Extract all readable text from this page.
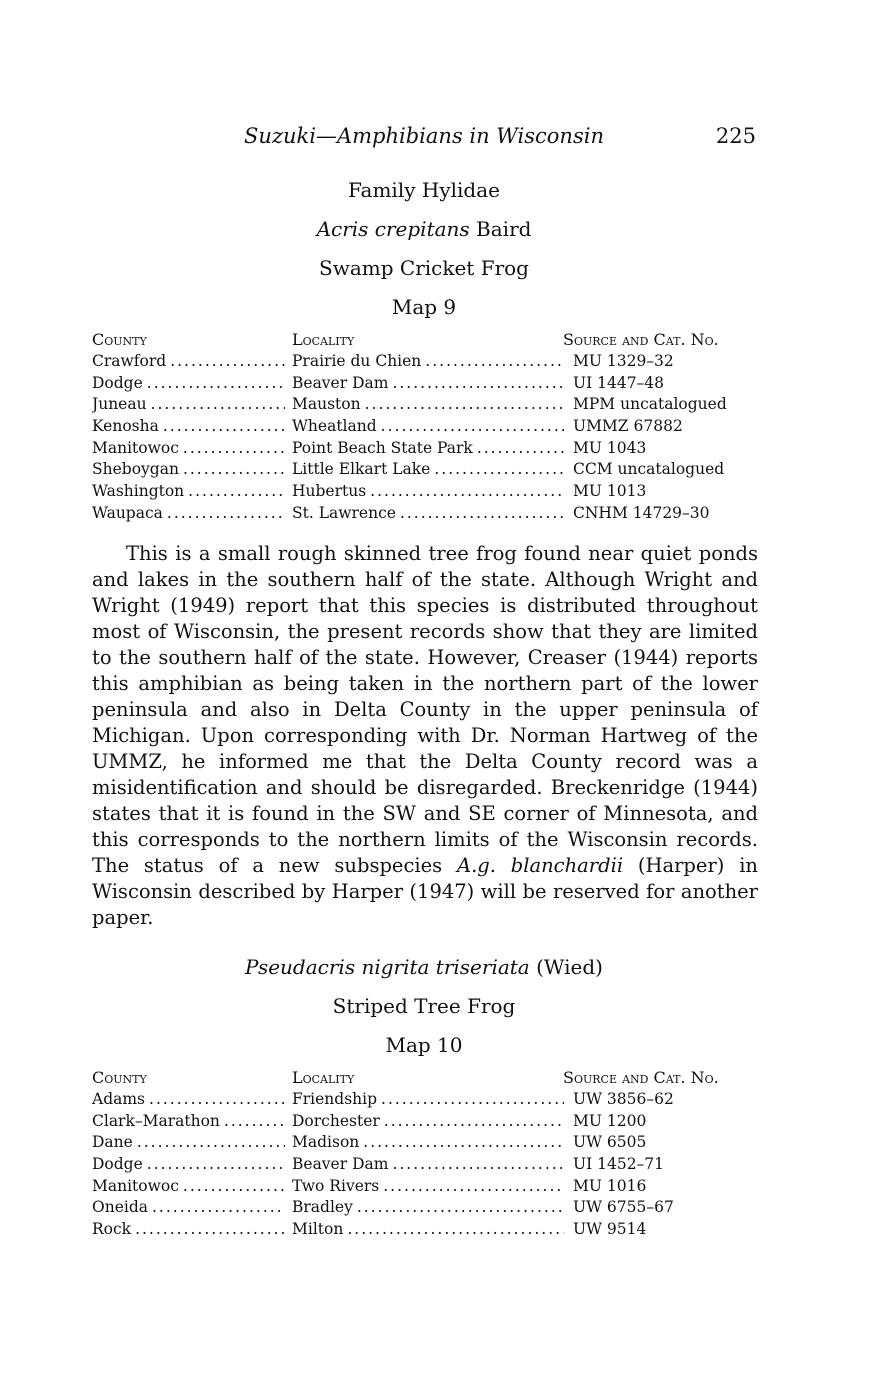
Suzuki—Amphibians in Wisconsin	225
Family Hylidae
Acris crepitans Baird
Swamp Cricket Frog
Map 9
County	Locality	Source and Cat. No.
Crawford .....	Prairie du Chien .....	MU 1329–32
Dodge .....	Beaver Dam .....	UI 1447–48
Juneau .....	Mauston .....	MPM uncatalogued
Kenosha .....	Wheatland .....	UMMZ 67882
Manitowoc .....	Point Beach State Park .....	MU 1043
Sheboygan .....	Little Elkart Lake .....	CCM uncatalogued
Washington .....	Hubertus .....	MU 1013
Waupaca .....	St. Lawrence .....	CNHM 14729–30

This is a small rough skinned tree frog found near quiet ponds and lakes in the southern half of the state. Although Wright and Wright (1949) report that this species is distributed throughout most of Wisconsin, the present records show that they are limited to the southern half of the state. However, Creaser (1944) reports this amphibian as being taken in the northern part of the lower peninsula and also in Delta County in the upper peninsula of Michigan. Upon corresponding with Dr. Norman Hartweg of the UMMZ, he informed me that the Delta County record was a misidentification and should be disregarded. Breckenridge (1944) states that it is found in the SW and SE corner of Minnesota, and this corresponds to the northern limits of the Wisconsin records. The status of a new subspecies A.g. blanchardii (Harper) in Wisconsin described by Harper (1947) will be reserved for another paper.

Pseudacris nigrita triseriata (Wied)
Striped Tree Frog
Map 10
County	Locality	Source and Cat. No.
Adams .....	Friendship .....	UW 3856–62
Clark–Marathon .....	Dorchester .....	MU 1200
Dane .....	Madison .....	UW 6505
Dodge .....	Beaver Dam .....	UI 1452–71
Manitowoc .....	Two Rivers .....	MU 1016
Oneida .....	Bradley .....	UW 6755–67
Rock .....	Milton .....	UW 9514
